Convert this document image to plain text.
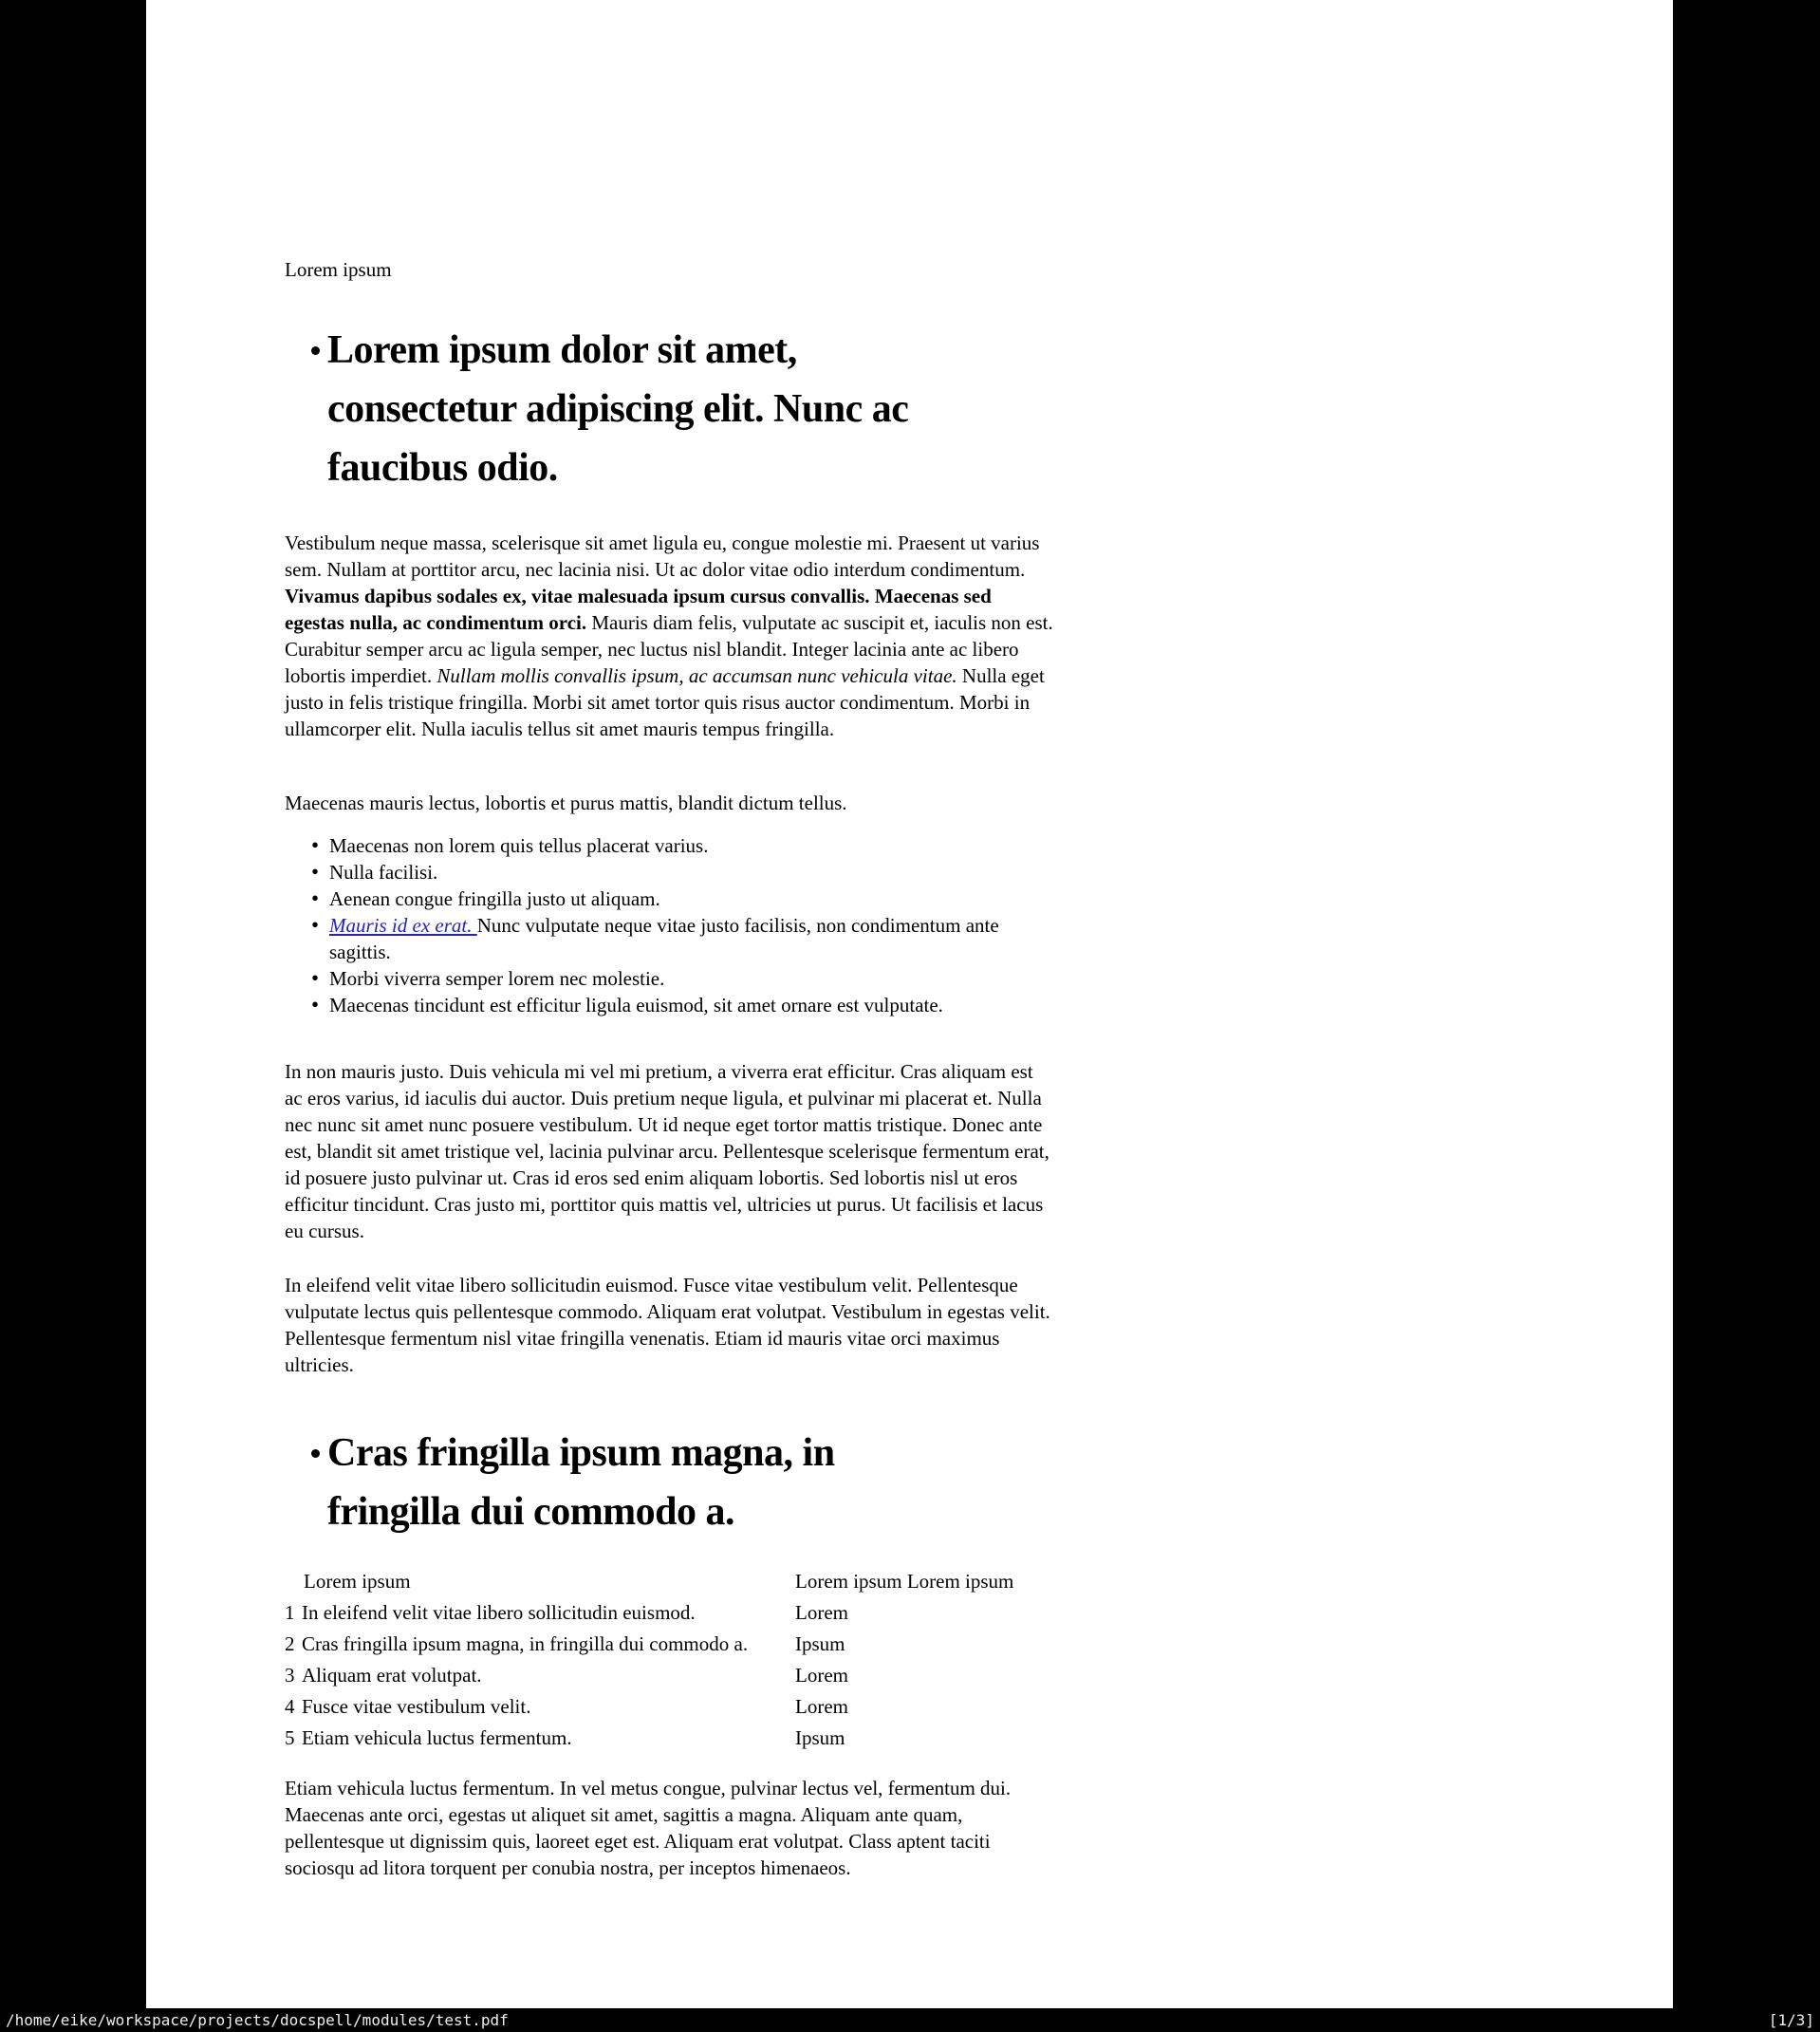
Lorem ipsum
Lorem ipsum dolor sit amet,
consectetur adipiscing elit. Nunc ac
faucibus odio.

Vestibulum neque massa, scelerisque sit amet ligula eu, congue molestie mi. Praesent ut varius sem. Nullam at porttitor arcu, nec lacinia nisi. Ut ac dolor vitae odio interdum condimentum. Vivamus dapibus sodales ex, vitae malesuada ipsum cursus convallis. Maecenas sed egestas nulla, ac condimentum orci. Mauris diam felis, vulputate ac suscipit et, iaculis non est. Curabitur semper arcu ac ligula semper, nec luctus nisl blandit. Integer lacinia ante ac libero lobortis imperdiet. Nullam mollis convallis ipsum, ac accumsan nunc vehicula vitae. Nulla eget justo in felis tristique fringilla. Morbi sit amet tortor quis risus auctor condimentum. Morbi in ullamcorper elit. Nulla iaculis tellus sit amet mauris tempus fringilla.

Maecenas mauris lectus, lobortis et purus mattis, blandit dictum tellus.

• Maecenas non lorem quis tellus placerat varius.
• Nulla facilisi.
• Aenean congue fringilla justo ut aliquam.
• Mauris id ex erat. Nunc vulputate neque vitae justo facilisis, non condimentum ante sagittis.
• Morbi viverra semper lorem nec molestie.
• Maecenas tincidunt est efficitur ligula euismod, sit amet ornare est vulputate.

In non mauris justo. Duis vehicula mi vel mi pretium, a viverra erat efficitur. Cras aliquam est ac eros varius, id iaculis dui auctor. Duis pretium neque ligula, et pulvinar mi placerat et. Nulla nec nunc sit amet nunc posuere vestibulum. Ut id neque eget tortor mattis tristique. Donec ante est, blandit sit amet tristique vel, lacinia pulvinar arcu. Pellentesque scelerisque fermentum erat, id posuere justo pulvinar ut. Cras id eros sed enim aliquam lobortis. Sed lobortis nisl ut eros efficitur tincidunt. Cras justo mi, porttitor quis mattis vel, ultricies ut purus. Ut facilisis et lacus eu cursus.

In eleifend velit vitae libero sollicitudin euismod. Fusce vitae vestibulum velit. Pellentesque vulputate lectus quis pellentesque commodo. Aliquam erat volutpat. Vestibulum in egestas velit. Pellentesque fermentum nisl vitae fringilla venenatis. Etiam id mauris vitae orci maximus ultricies.

Cras fringilla ipsum magna, in
fringilla dui commodo a.
	Lorem ipsum	Lorem ipsum Lorem ipsum
1	In eleifend velit vitae libero sollicitudin euismod.	Lorem
2	Cras fringilla ipsum magna, in fringilla dui commodo a.	Ipsum
3	Aliquam erat volutpat.	Lorem
4	Fusce vitae vestibulum velit.	Lorem
5	Etiam vehicula luctus fermentum.	Ipsum

Etiam vehicula luctus fermentum. In vel metus congue, pulvinar lectus vel, fermentum dui. Maecenas ante orci, egestas ut aliquet sit amet, sagittis a magna. Aliquam ante quam, pellentesque ut dignissim quis, laoreet eget est. Aliquam erat volutpat. Class aptent taciti sociosqu ad litora torquent per conubia nostra, per inceptos himenaeos.

/home/eike/workspace/projects/docspell/modules/test.pdf	[1/3]
